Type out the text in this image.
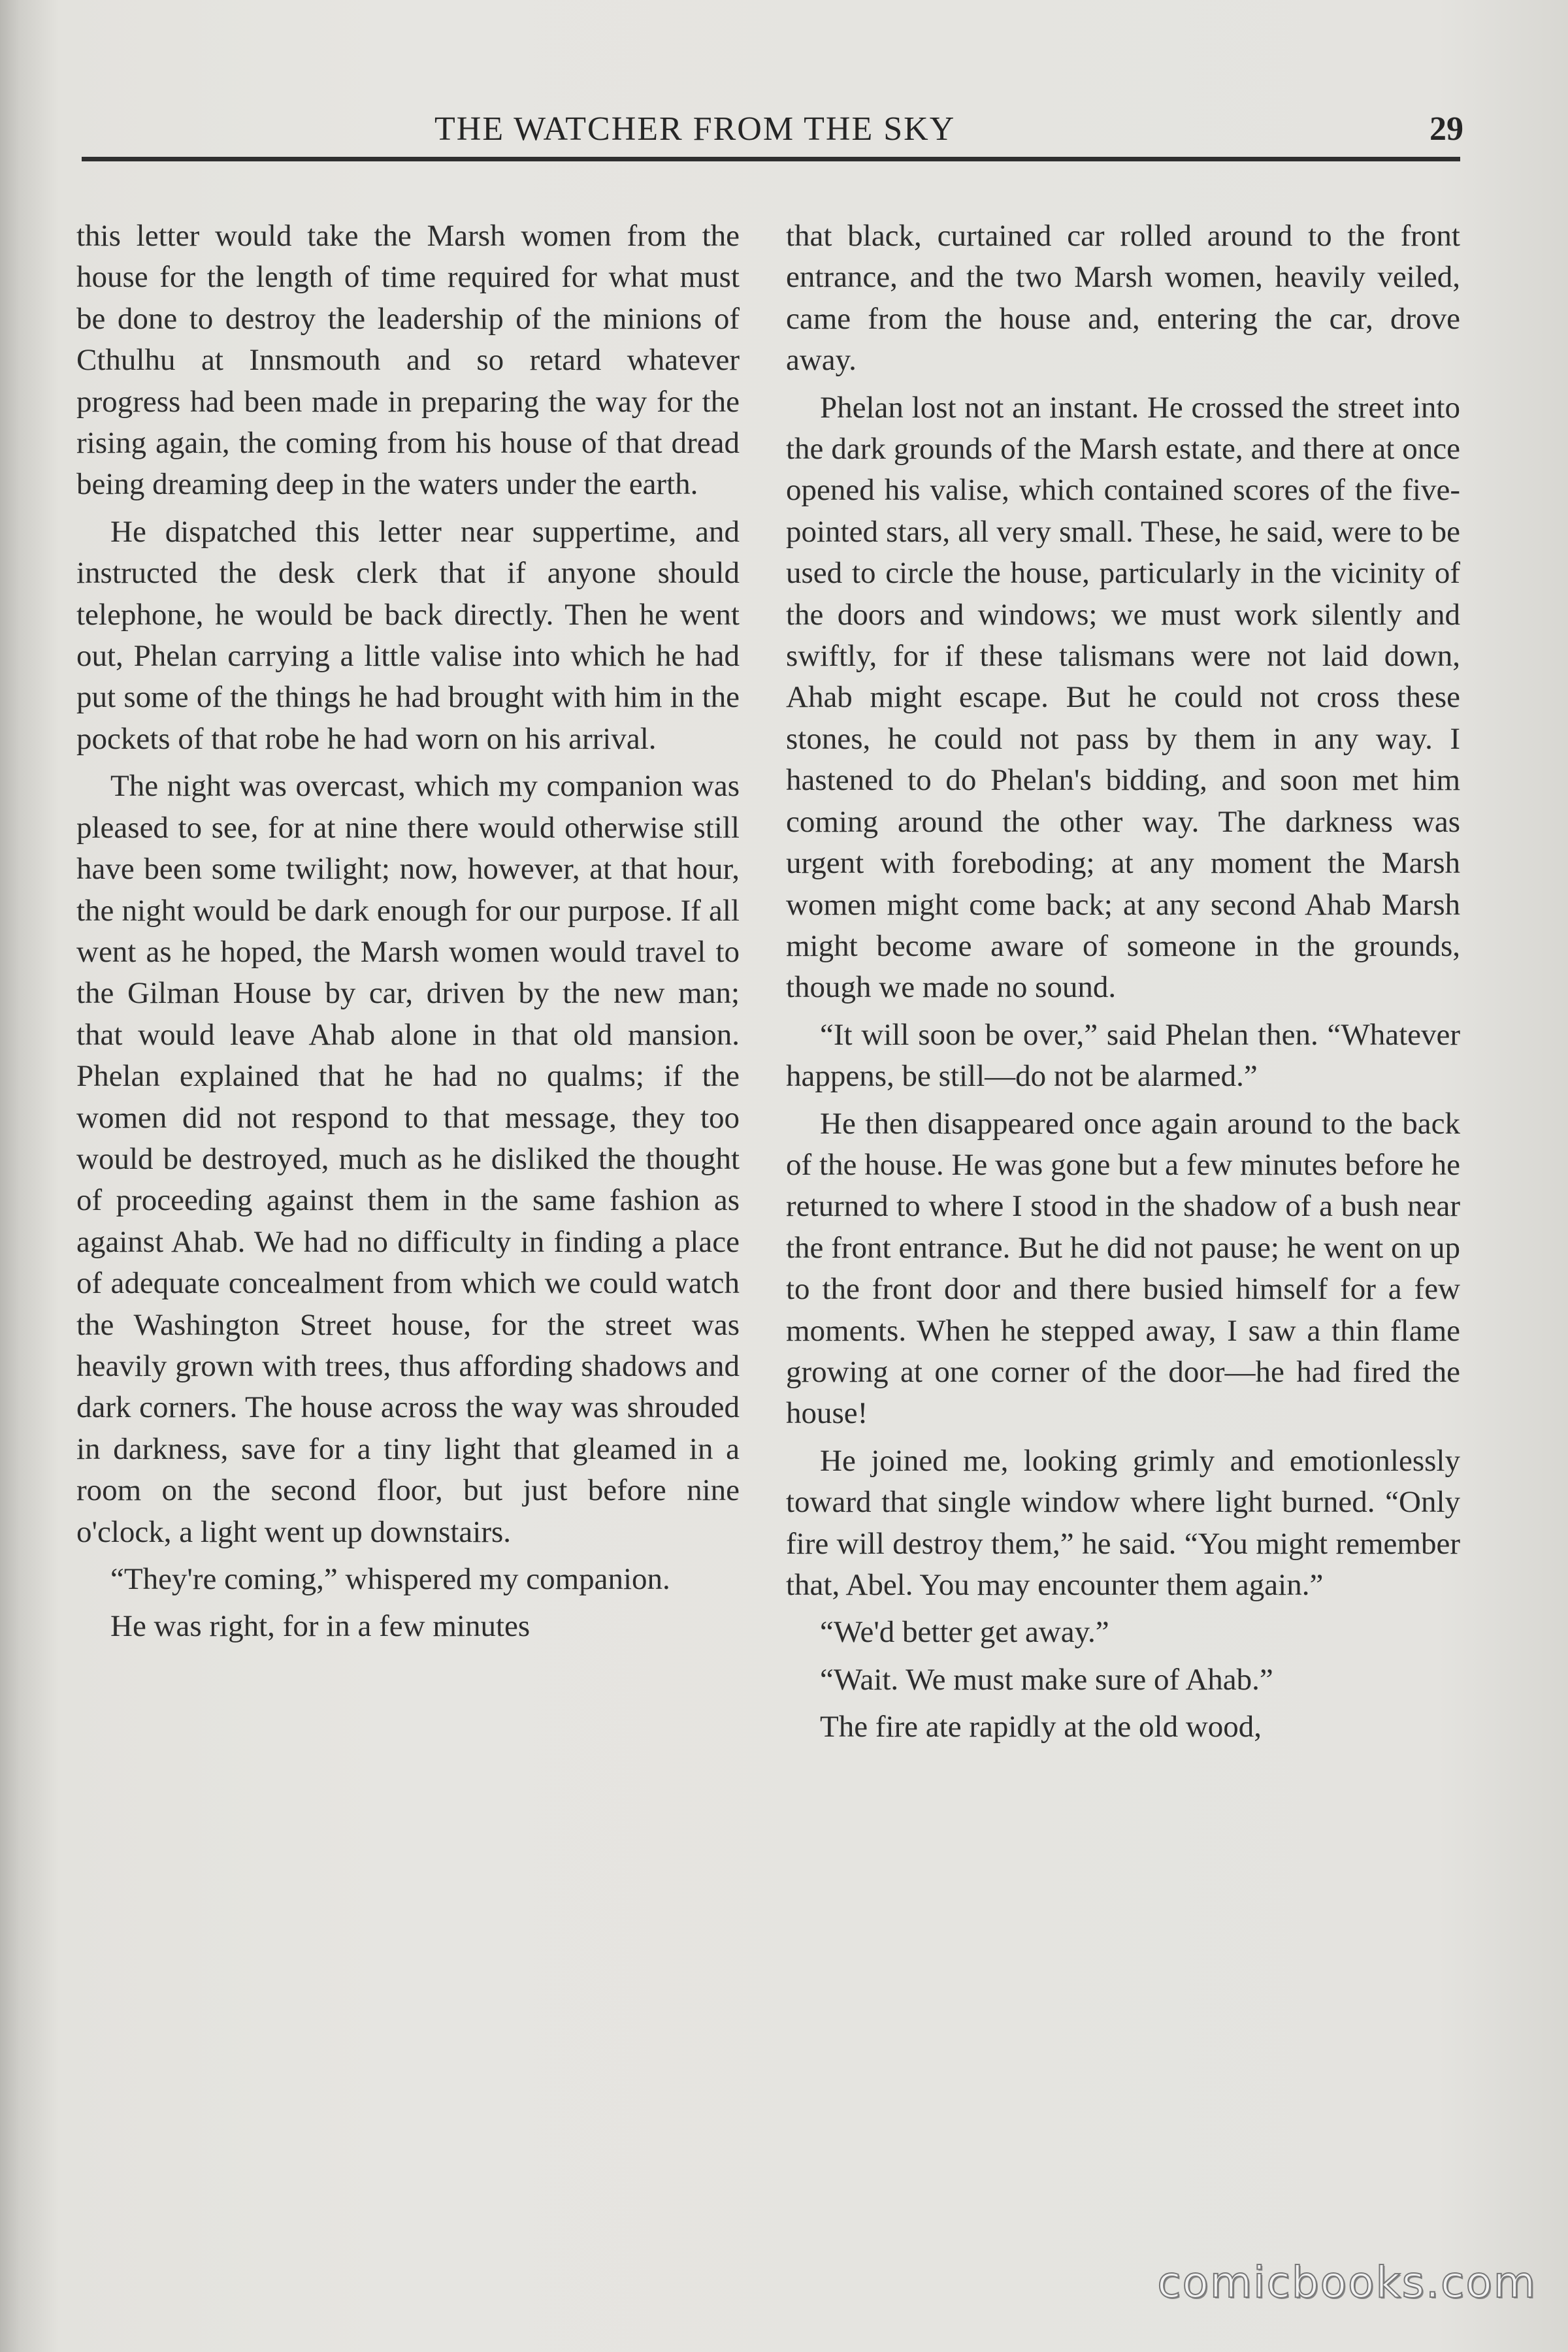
THE WATCHER FROM THE SKY	29

this letter would take the Marsh women from the house for the length of time required for what must be done to destroy the leadership of the minions of Cthulhu at Innsmouth and so retard whatever progress had been made in preparing the way for the rising again, the coming from his house of that dread being dreaming deep in the waters under the earth.

He dispatched this letter near suppertime, and instructed the desk clerk that if anyone should telephone, he would be back directly. Then he went out, Phelan carrying a little valise into which he had put some of the things he had brought with him in the pockets of that robe he had worn on his arrival.

The night was overcast, which my companion was pleased to see, for at nine there would otherwise still have been some twilight; now, however, at that hour, the night would be dark enough for our purpose. If all went as he hoped, the Marsh women would travel to the Gilman House by car, driven by the new man; that would leave Ahab alone in that old mansion. Phelan explained that he had no qualms; if the women did not respond to that message, they too would be destroyed, much as he disliked the thought of proceeding against them in the same fashion as against Ahab. We had no difficulty in finding a place of adequate concealment from which we could watch the Washington Street house, for the street was heavily grown with trees, thus affording shadows and dark corners. The house across the way was shrouded in darkness, save for a tiny light that gleamed in a room on the second floor, but just before nine o'clock, a light went up downstairs.

“They're coming,” whispered my companion.

He was right, for in a few minutes

that black, curtained car rolled around to the front entrance, and the two Marsh women, heavily veiled, came from the house and, entering the car, drove away.

Phelan lost not an instant. He crossed the street into the dark grounds of the Marsh estate, and there at once opened his valise, which contained scores of the five-pointed stars, all very small. These, he said, were to be used to circle the house, particularly in the vicinity of the doors and windows; we must work silently and swiftly, for if these talismans were not laid down, Ahab might escape. But he could not cross these stones, he could not pass by them in any way. I hastened to do Phelan's bidding, and soon met him coming around the other way. The darkness was urgent with foreboding; at any moment the Marsh women might come back; at any second Ahab Marsh might become aware of someone in the grounds, though we made no sound.

“It will soon be over,” said Phelan then. “Whatever happens, be still—do not be alarmed.”

He then disappeared once again around to the back of the house. He was gone but a few minutes before he returned to where I stood in the shadow of a bush near the front entrance. But he did not pause; he went on up to the front door and there busied himself for a few moments. When he stepped away, I saw a thin flame growing at one corner of the door—he had fired the house!

He joined me, looking grimly and emotionlessly toward that single window where light burned. “Only fire will destroy them,” he said. “You might remember that, Abel. You may encounter them again.”

“We'd better get away.”

“Wait. We must make sure of Ahab.”

The fire ate rapidly at the old wood,

comicbooks.com
